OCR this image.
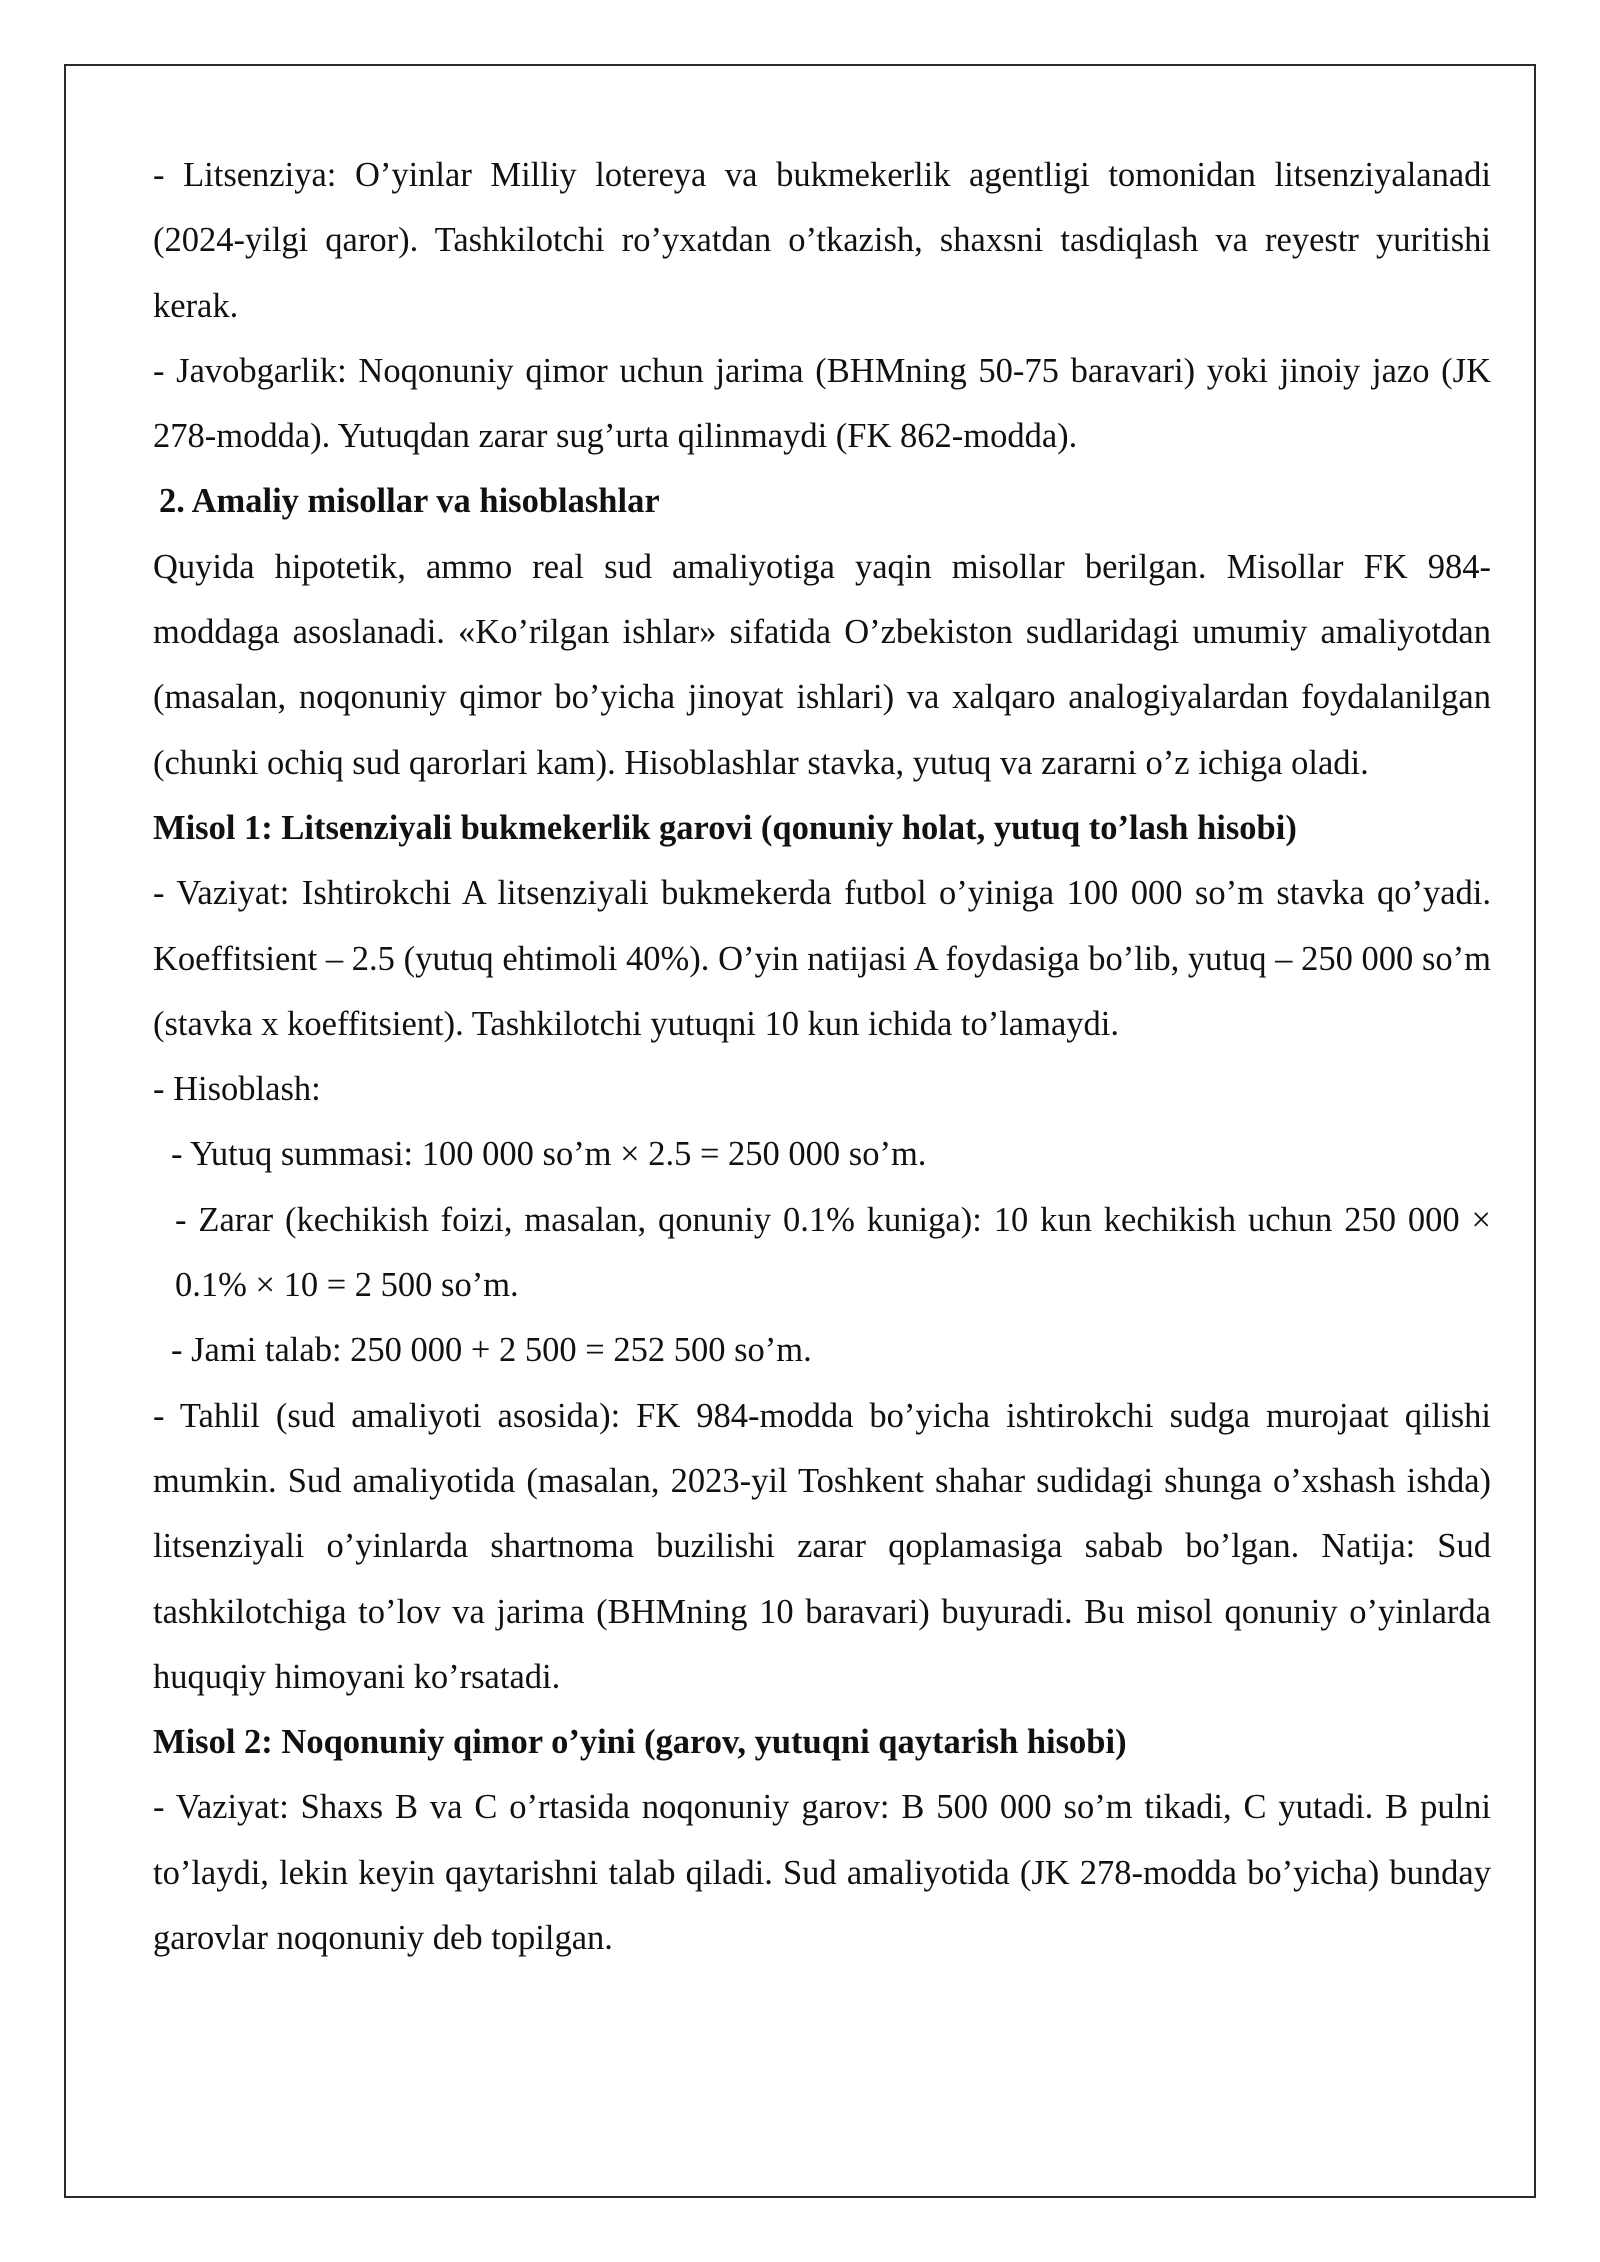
- Litsenziya: O’yinlar Milliy lotereya va bukmekerlik agentligi tomonidan litsenziyalanadi (2024-yilgi qaror). Tashkilotchi ro’yxatdan o’tkazish, shaxsni tasdiqlash va reyestr yuritishi kerak.

- Javobgarlik: Noqonuniy qimor uchun jarima (BHMning 50-75 baravari) yoki jinoiy jazo (JK 278-modda). Yutuqdan zarar sug’urta qilinmaydi (FK 862-modda).

2. Amaliy misollar va hisoblashlar

Quyida hipotetik, ammo real sud amaliyotiga yaqin misollar berilgan. Misollar FK 984-moddaga asoslanadi. «Ko’rilgan ishlar» sifatida O’zbekiston sudlaridagi umumiy amaliyotdan (masalan, noqonuniy qimor bo’yicha jinoyat ishlari) va xalqaro analogiyalardan foydalanilgan (chunki ochiq sud qarorlari kam). Hisoblashlar stavka, yutuq va zararni o’z ichiga oladi.

Misol 1: Litsenziyali bukmekerlik garovi (qonuniy holat, yutuq to’lash hisobi)

- Vaziyat: Ishtirokchi A litsenziyali bukmekerda futbol o’yiniga 100 000 so’m stavka qo’yadi. Koeffitsient – 2.5 (yutuq ehtimoli 40%). O’yin natijasi A foydasiga bo’lib, yutuq – 250 000 so’m (stavka x koeffitsient). Tashkilotchi yutuqni 10 kun ichida to’lamaydi.

- Hisoblash:

- Yutuq summasi: 100 000 so’m × 2.5 = 250 000 so’m.

- Zarar (kechikish foizi, masalan, qonuniy 0.1% kuniga): 10 kun kechikish uchun 250 000 × 0.1% × 10 = 2 500 so’m.

- Jami talab: 250 000 + 2 500 = 252 500 so’m.

- Tahlil (sud amaliyoti asosida): FK 984-modda bo’yicha ishtirokchi sudga murojaat qilishi mumkin. Sud amaliyotida (masalan, 2023-yil Toshkent shahar sudidagi shunga o’xshash ishda) litsenziyali o’yinlarda shartnoma buzilishi zarar qoplamasiga sabab bo’lgan. Natija: Sud tashkilotchiga to’lov va jarima (BHMning 10 baravari) buyuradi. Bu misol qonuniy o’yinlarda huquqiy himoyani ko’rsatadi.

Misol 2: Noqonuniy qimor o’yini (garov, yutuqni qaytarish hisobi)

- Vaziyat: Shaxs B va C o’rtasida noqonuniy garov: B 500 000 so’m tikadi, C yutadi. B pulni to’laydi, lekin keyin qaytarishni talab qiladi. Sud amaliyotida (JK 278-modda bo’yicha) bunday garovlar noqonuniy deb topilgan.
